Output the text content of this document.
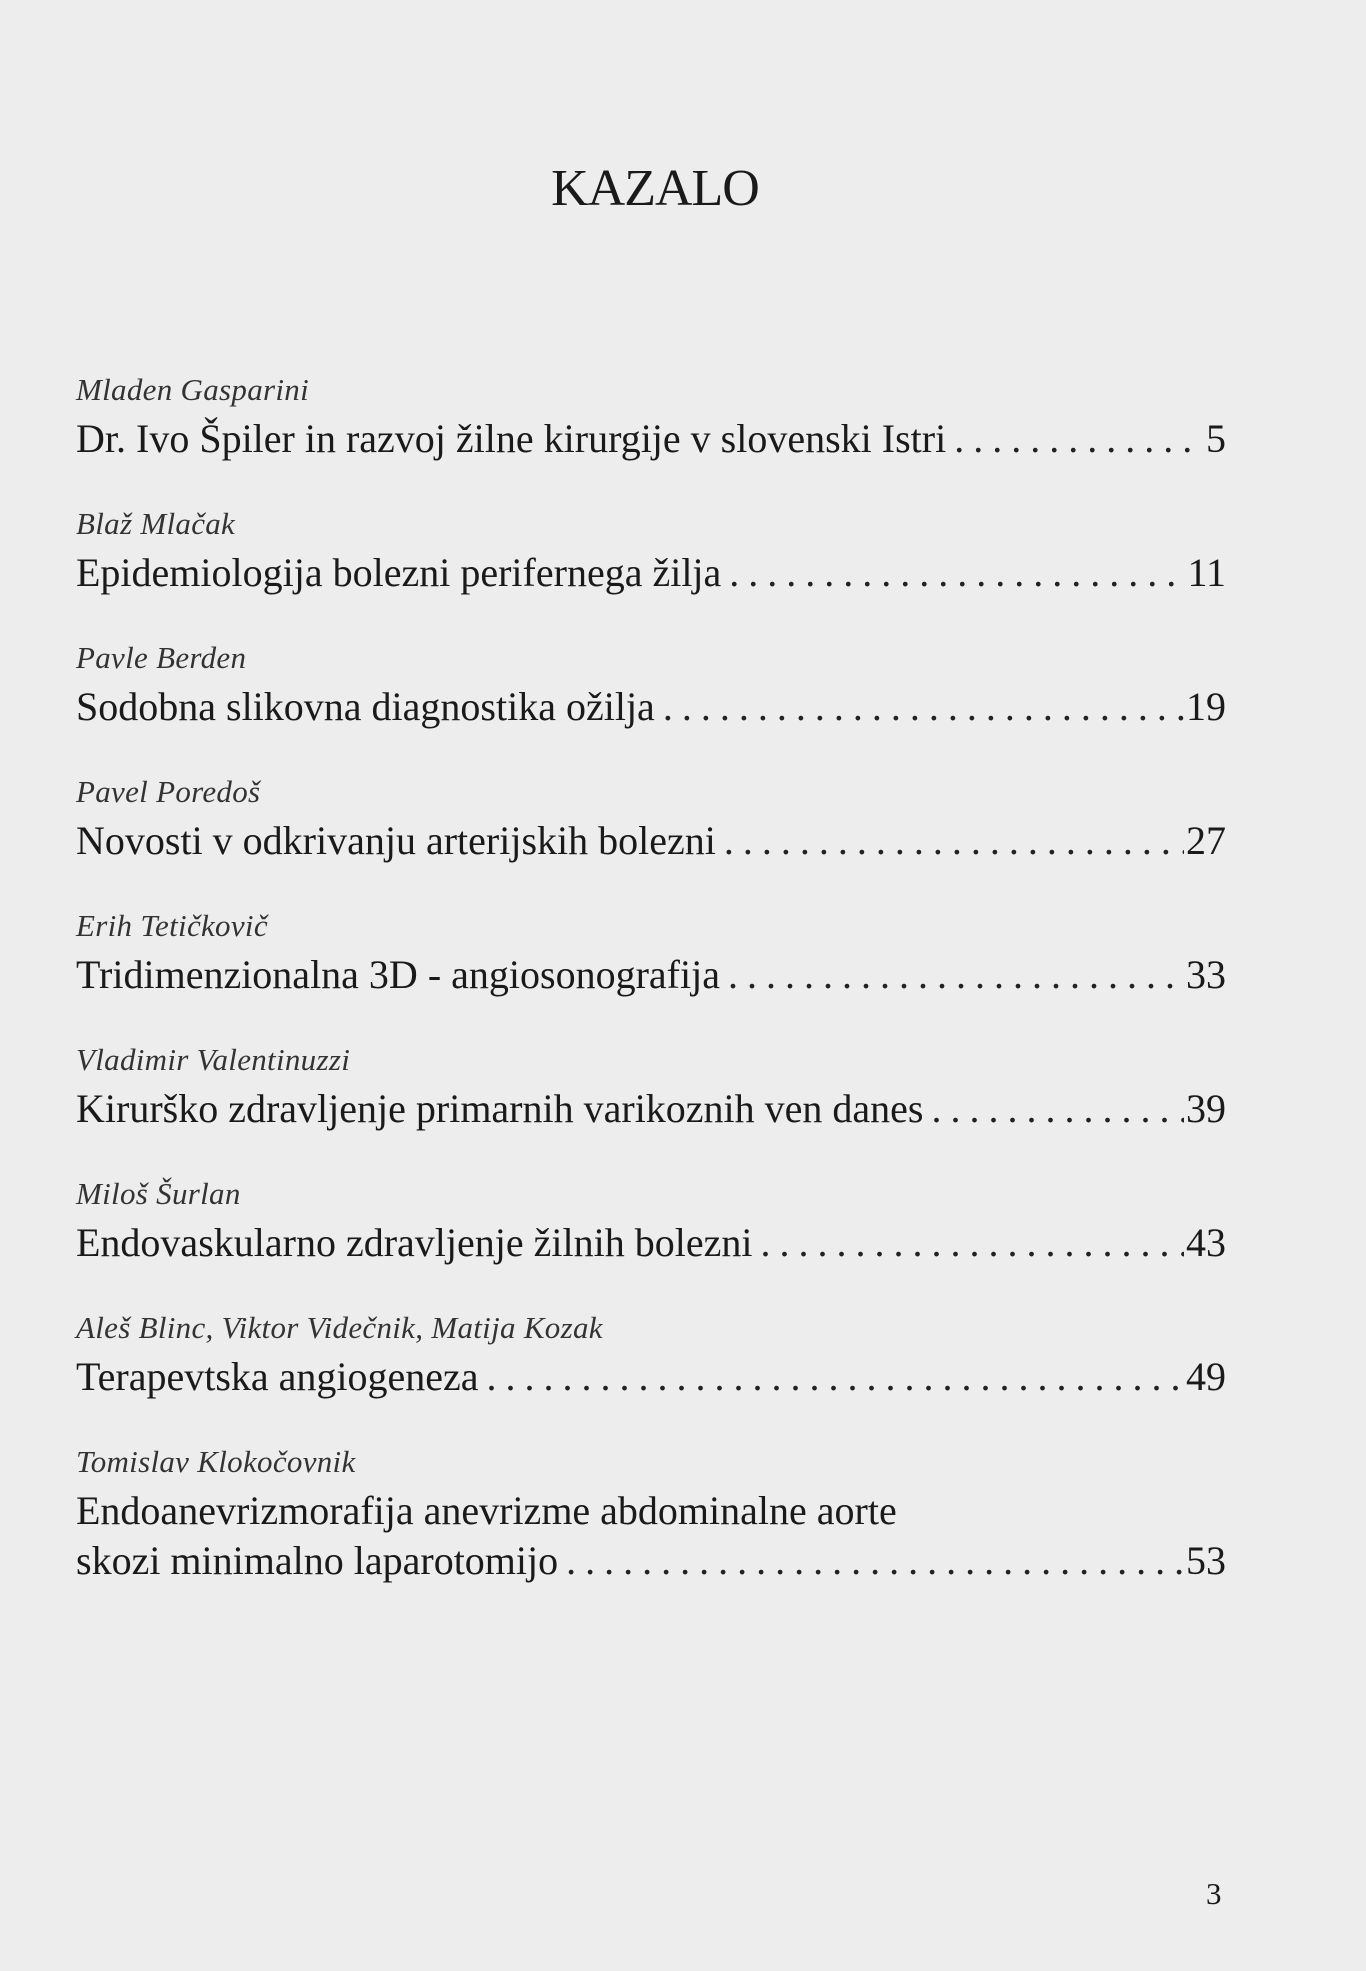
KAZALO
Mladen Gasparini
Dr. Ivo Špiler in razvoj žilne kirurgije v slovenski Istri . . .	5
Blaž Mlačak
Epidemiologija bolezni perifernega žilja . . .	11
Pavle Berden
Sodobna slikovna diagnostika ožilja . . .	19
Pavel Poredoš
Novosti v odkrivanju arterijskih bolezni . . .	27
Erih Tetičkovič
Tridimenzionalna 3D - angiosonografija . . .	33
Vladimir Valentinuzzi
Kirurško zdravljenje primarnih varikoznih ven danes . . .	39
Miloš Šurlan
Endovaskularno zdravljenje žilnih bolezni . . .	43
Aleš Blinc, Viktor Videčnik, Matija Kozak
Terapevtska angiogeneza . . .	49
Tomislav Klokočovnik
Endoanevrizmorafija anevrizme abdominalne aorte
skozi minimalno laparotomijo . . .	53
3
